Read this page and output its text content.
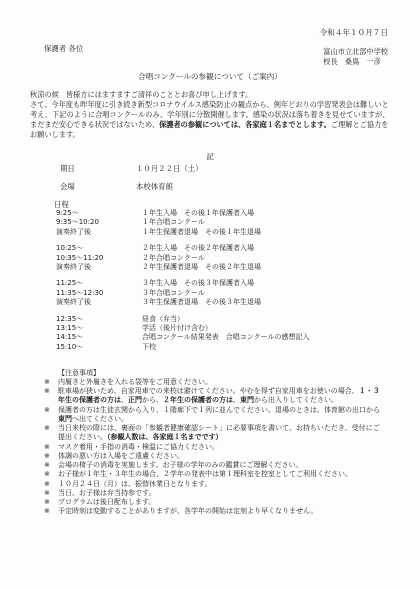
令和４年１０月７日
保護者 各位	富山市立北部中学校
校長　桑嶌　一彦
合唱コンクールの参観について（ご案内）
秋涼の候　皆様方にはますますご清祥のこととお喜び申し上げます。
さて、今年度も昨年度に引き続き新型コロナウイルス感染防止の観点から、例年どおりの学習発表会は難しいと考え、下記のように合唱コンクールのみ、学年別に分散開催します。感染の状況は落ち着きを見せていますが、まだまだ安心できる状況ではないため、保護者の参観については、各家庭１名までとします。ご理解とご協力をお願いします。
記
期日	１０月２２日（土）
会場	本校体育館
日程
9:25～	１年生入場　その後１年保護者入場
9:35～10:20	１年合唱コンクール
演奏終了後	１年生保護者退場　その後１年生退場
10:25～	２年生入場　その後２年保護者入場
10:35～11:20	２年合唱コンクール
演奏終了後	２年生保護者退場　その後２年生退場
11:25～	３年生入場　その後３年保護者入場
11:35～12:30	３年合唱コンクール
演奏終了後	３年生保護者退場　その後３年生退場
12:35～	昼食（弁当）
13:15～	学活（後片付け含む）
14:15～	合唱コンクール結果発表　合唱コンクールの感想記入
15:10～	下校
【注意事項】
※	内履きと外履きを入れる袋等をご用意ください。
※	駐車場が狭いため、自家用車での来校は避けてください。やむを得ず自家用車をお使いの場合、１・３年生の保護者の方は、正門から、２年生の保護者の方は、東門から出入りしてください。
※	保護者の方は生徒玄関から入り、１階廊下で１列に並んでください。退場のときは、体育館の出口から東門へ出てください。
※	当日来校の際には、裏面の「参観者健康確認シート」に必要事項を書いて、お持ちいただき、受付にご提出ください。（参観人数は、各家庭１名までです）
※	マスク着用・手指の消毒・検温にご協力ください。
※	体調の悪い方は入場をご遠慮ください。
※	会場の椅子の消毒を実施します。お子様の学年のみの鑑賞にご理解ください。
※	お子様が１年生・３年生の場合、２学年の発表中は第１理科室を控室としてご利用ください。
※	１０月２４日（月）は、振替休業日となります。
※	当日、お子様は弁当持参です。
※	プログラムは後日配布します。
※	予定時刻は変動することがありますが、各学年の開始は定刻より早くなりません。
